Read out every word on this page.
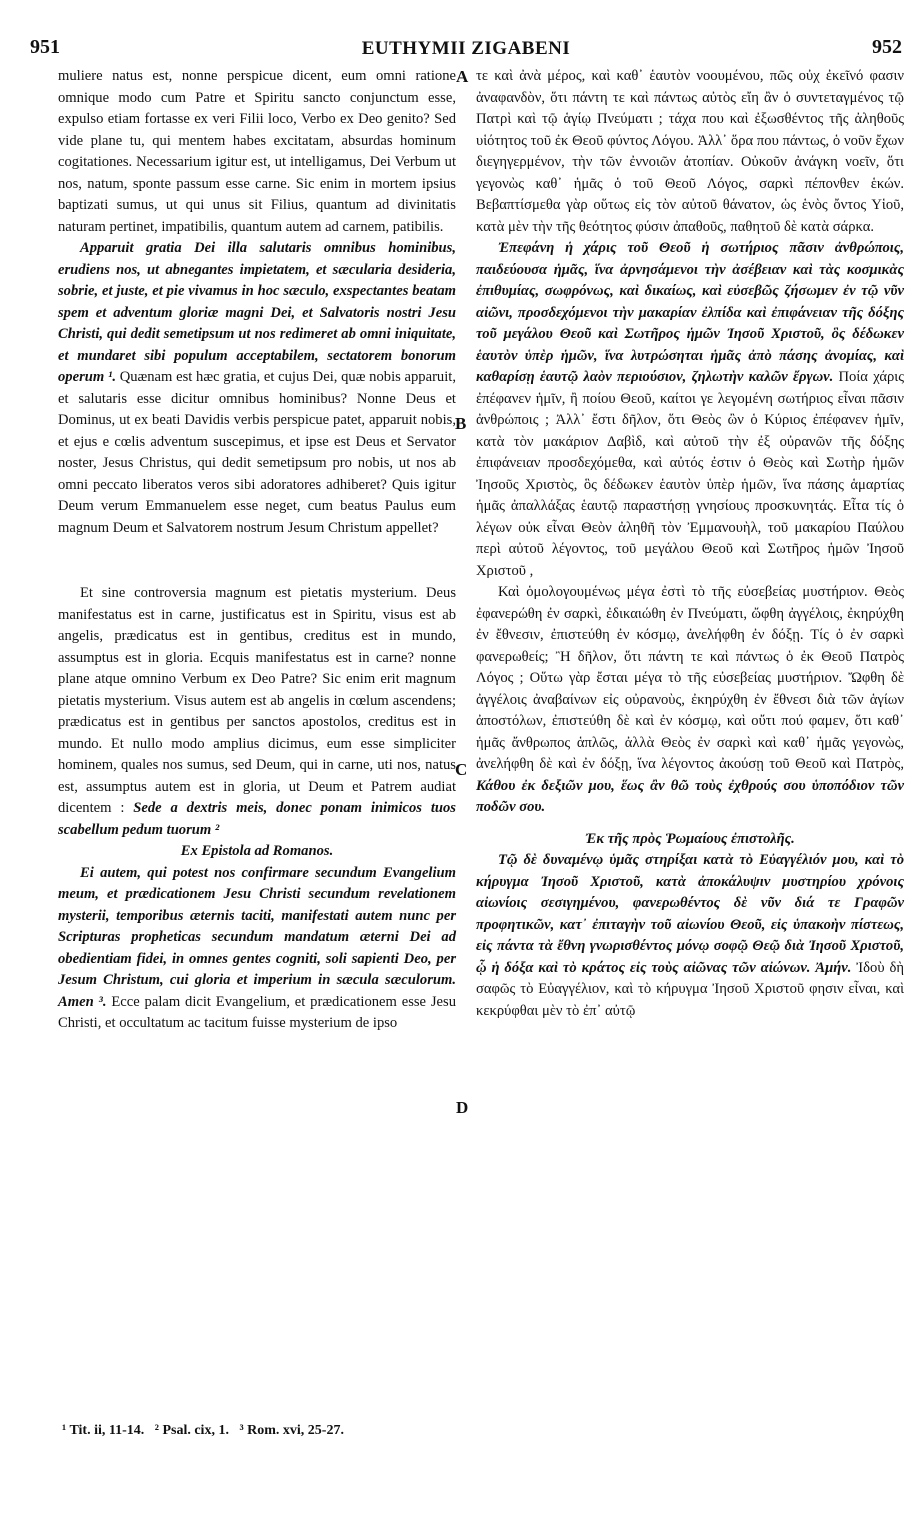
951	EUTHYMII ZIGABENI	952

muliere natus est, nonne perspicue dicent, eum omni ratione omnique modo cum Patre et Spiritu sancto conjunctum esse, expulso etiam fortasse ex veri Filii loco, Verbo ex Deo genito? Sed vide plane tu, qui mentem habes excitatam, absurdas hominum cogitationes. Necessarium igitur est, ut intelligamus, Dei Verbum ut nos, natum, sponte passum esse carne. Sic enim in mortem ipsius baptizati sumus, ut qui unus sit Filius, quantum ad divinitatis naturam pertinet, impatibilis, quantum autem ad carnem, patibilis.

Apparuit gratia Dei illa salutaris omnibus hominibus, erudiens nos, ut abnegantes impietatem, et sæcularia desideria, sobrie, et juste, et pie vivamus in hoc sæculo, exspectantes beatam spem et adventum gloriæ magni Dei, et Salvatoris nostri Jesu Christi, qui dedit semetipsum ut nos redimeret ab omni iniquitate, et mundaret sibi populum acceptabilem, sectatorem bonorum operum ¹. Quænam est hæc gratia, et cujus Dei, quæ nobis apparuit, et salutaris esse dicitur omnibus hominibus? Nonne Deus et Dominus, ut ex beati Davidis verbis perspicue patet, apparuit nobis, et ejus e cœlis adventum suscepimus, et ipse est Deus et Servator noster, Jesus Christus, qui dedit semetipsum pro nobis, ut nos ab omni peccato liberatos veros sibi adoratores adhiberet? Quis igitur Deum verum Emmanuelem esse neget, cum beatus Paulus eum magnum Deum et Salvatorem nostrum Jesum Christum appellet?

Et sine controversia magnum est pietatis mysterium. Deus manifestatus est in carne, justificatus est in Spiritu, visus est ab angelis, prædicatus est in gentibus, creditus est in mundo, assumptus est in gloria. Ecquis manifestatus est in carne? nonne plane atque omnino Verbum ex Deo Patre? Sic enim erit magnum pietatis mysterium. Visus autem est ab angelis in cœlum ascendens; prædicatus est in gentibus per sanctos apostolos, creditus est in mundo. Et nullo modo amplius dicimus, eum esse simpliciter hominem, quales nos sumus, sed Deum, qui in carne, uti nos, natus est, assumptus autem est in gloria, ut Deum et Patrem audiat dicentem : Sede a dextris meis, donec ponam inimicos tuos scabellum pedum tuorum ²

Ex Epistola ad Romanos.

Ei autem, qui potest nos confirmare secundum Evangelium meum, et prædicationem Jesu Christi secundum revelationem mysterii, temporibus æternis taciti, manifestati autem nunc per Scripturas propheticas secundum mandatum æterni Dei ad obedientiam fidei, in omnes gentes cogniti, soli sapienti Deo, per Jesum Christum, cui gloria et imperium in sæcula sæculorum. Amen ³. Ecce palam dicit Evangelium, et prædicationem esse Jesu Christi, et occultatum ac tacitum fuisse mysterium de ipso

A
B
C
D

τε καὶ ἀνὰ μέρος, καὶ καθ᾽ ἑαυτὸν νοουμένου, πῶς οὐχ ἐκεῖνό φασιν ἀναφανδὸν, ὅτι πάντη τε καὶ πάντως αὐτὸς εἴη ἂν ὁ συντεταγμένος τῷ Πατρὶ καὶ τῷ ἁγίῳ Πνεύματι ; τάχα που καὶ ἐξωσθέντος τῆς ἀληθοῦς υἱότητος τοῦ ἐκ Θεοῦ φύντος Λόγου. Ἀλλ᾽ ὅρα που πάντως, ὁ νοῦν ἔχων διεγηγερμένον, τὴν τῶν ἐννοιῶν ἀτοπίαν. Οὐκοῦν ἀνάγκη νοεῖν, ὅτι γεγονὼς καθ᾽ ἡμᾶς ὁ τοῦ Θεοῦ Λόγος, σαρκὶ πέπονθεν ἑκών. Βεβαπτίσμεθα γὰρ οὕτως εἰς τὸν αὐτοῦ θάνατον, ὡς ἑνὸς ὄντος Υἱοῦ, κατὰ μὲν τὴν τῆς θεότητος φύσιν ἀπαθοῦς, παθητοῦ δὲ κατὰ σάρκα.

Ἐπεφάνη ἡ χάρις τοῦ Θεοῦ ἡ σωτήριος πᾶσιν ἀνθρώποις, παιδεύουσα ἡμᾶς, ἵνα ἀρνησάμενοι τὴν ἀσέβειαν καὶ τὰς κοσμικὰς ἐπιθυμίας, σωφρόνως, καὶ δικαίως, καὶ εὐσεβῶς ζήσωμεν ἐν τῷ νῦν αἰῶνι, προσδεχόμενοι τὴν μακαρίαν ἐλπίδα καὶ ἐπιφάνειαν τῆς δόξης τοῦ μεγάλου Θεοῦ καὶ Σωτῆρος ἡμῶν Ἰησοῦ Χριστοῦ, ὃς δέδωκεν ἑαυτὸν ὑπὲρ ἡμῶν, ἵνα λυτρώσηται ἡμᾶς ἀπὸ πάσης ἀνομίας, καὶ καθαρίσῃ ἑαυτῷ λαὸν περιούσιον, ζηλωτὴν καλῶν ἔργων. Ποία χάρις ἐπέφανεν ἡμῖν, ἢ ποίου Θεοῦ, καίτοι γε λεγομένη σωτήριος εἶναι πᾶσιν ἀνθρώποις ; Ἀλλ᾽ ἔστι δῆλον, ὅτι Θεὸς ὢν ὁ Κύριος ἐπέφανεν ἡμῖν, κατὰ τὸν μακάριον Δαβὶδ, καὶ αὐτοῦ τὴν ἐξ οὐρανῶν τῆς δόξης ἐπιφάνειαν προσδεχόμεθα, καὶ αὐτός ἐστιν ὁ Θεὸς καὶ Σωτὴρ ἡμῶν Ἰησοῦς Χριστὸς, ὃς δέδωκεν ἑαυτὸν ὑπὲρ ἡμῶν, ἵνα πάσης ἁμαρτίας ἡμᾶς ἀπαλλάξας ἑαυτῷ παραστήσῃ γνησίους προσκυνητάς. Εἶτα τίς ὁ λέγων οὐκ εἶναι Θεὸν ἀληθῆ τὸν Ἐμμανουὴλ, τοῦ μακαρίου Παύλου περὶ αὐτοῦ λέγοντος, τοῦ μεγάλου Θεοῦ καὶ Σωτῆρος ἡμῶν Ἰησοῦ Χριστοῦ ,

Καὶ ὁμολογουμένως μέγα ἐστὶ τὸ τῆς εὐσεβείας μυστήριον. Θεὸς ἐφανερώθη ἐν σαρκὶ, ἐδικαιώθη ἐν Πνεύματι, ὤφθη ἀγγέλοις, ἐκηρύχθη ἐν ἔθνεσιν, ἐπιστεύθη ἐν κόσμῳ, ἀνελήφθη ἐν δόξῃ. Τίς ὁ ἐν σαρκὶ φανερωθείς; Ἢ δῆλον, ὅτι πάντη τε καὶ πάντως ὁ ἐκ Θεοῦ Πατρὸς Λόγος ; Οὕτω γὰρ ἔσται μέγα τὸ τῆς εὐσεβείας μυστήριον. Ὤφθη δὲ ἀγγέλοις ἀναβαίνων εἰς οὐρανοὺς, ἐκηρύχθη ἐν ἔθνεσι διὰ τῶν ἁγίων ἀποστόλων, ἐπιστεύθη δὲ καὶ ἐν κόσμῳ, καὶ οὔτι πού φαμεν, ὅτι καθ᾽ ἡμᾶς ἄνθρωπος ἁπλῶς, ἀλλὰ Θεὸς ἐν σαρκὶ καὶ καθ᾽ ἡμᾶς γεγονὼς, ἀνελήφθη δὲ καὶ ἐν δόξῃ, ἵνα λέγοντος ἀκούσῃ τοῦ Θεοῦ καὶ Πατρὸς, Κάθου ἐκ δεξιῶν μου, ἕως ἂν θῶ τοὺς ἐχθρούς σου ὑποπόδιον τῶν ποδῶν σου.

Ἐκ τῆς πρὸς Ῥωμαίους ἐπιστολῆς.

Τῷ δὲ δυναμένῳ ὑμᾶς στηρίξαι κατὰ τὸ Εὐαγγέλιόν μου, καὶ τὸ κήρυγμα Ἰησοῦ Χριστοῦ, κατὰ ἀποκάλυψιν μυστηρίου χρόνοις αἰωνίοις σεσιγημένου, φανερωθέντος δὲ νῦν διά τε Γραφῶν προφητικῶν, κατ᾽ ἐπιταγὴν τοῦ αἰωνίου Θεοῦ, εἰς ὑπακοὴν πίστεως, εἰς πάντα τὰ ἔθνη γνωρισθέντος μόνῳ σοφῷ Θεῷ διὰ Ἰησοῦ Χριστοῦ, ᾧ ἡ δόξα καὶ τὸ κράτος εἰς τοὺς αἰῶνας τῶν αἰώνων. Ἀμήν. Ἰδοὺ δὴ σαφῶς τὸ Εὐαγγέλιον, καὶ τὸ κήρυγμα Ἰησοῦ Χριστοῦ φησιν εἶναι, καὶ κεκρύφθαι μὲν τὸ ἐπ᾽ αὐτῷ

¹ Tit. ii, 11-14.   ² Psal. cix, 1.   ³ Rom. xvi, 25-27.
